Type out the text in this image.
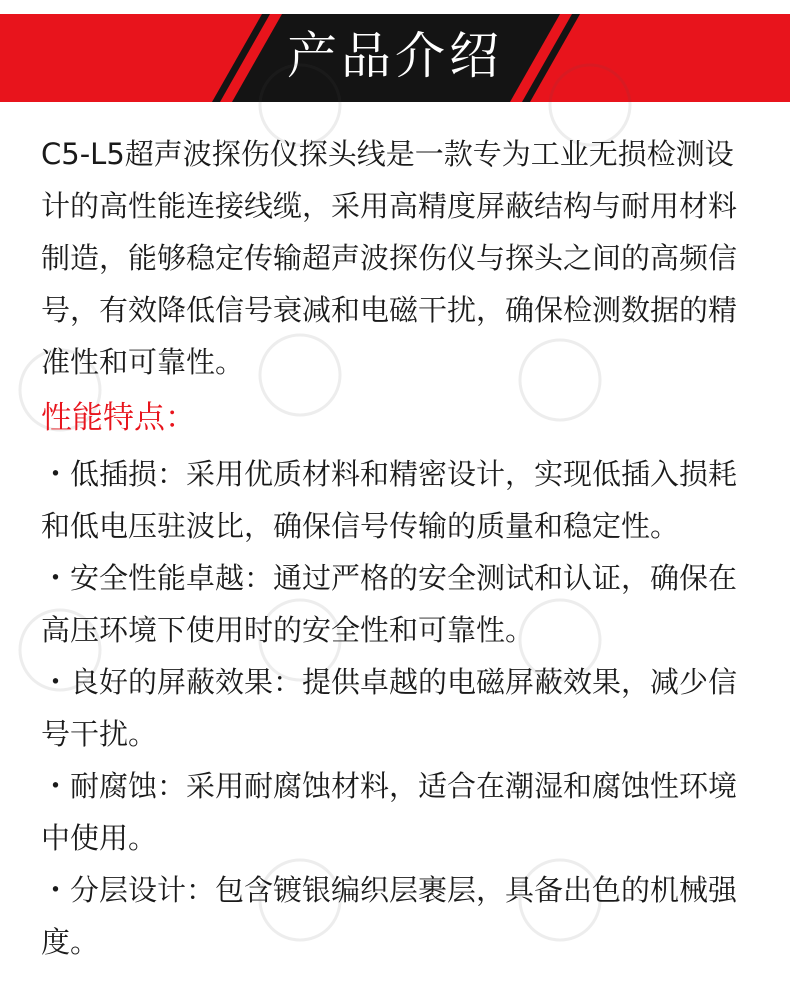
产品介绍

C5-L5超声波探伤仪探头线是一款专为工业无损检测设计的高性能连接线缆，采用高精度屏蔽结构与耐用材料制造，能够稳定传输超声波探伤仪与探头之间的高频信号，有效降低信号衰减和电磁干扰，确保检测数据的精准性和可靠性。

性能特点：

・低插损：采用优质材料和精密设计，实现低插入损耗和低电压驻波比，确保信号传输的质量和稳定性。

・安全性能卓越：通过严格的安全测试和认证，确保在高压环境下使用时的安全性和可靠性。

・良好的屏蔽效果：提供卓越的电磁屏蔽效果，减少信号干扰。

・耐腐蚀：采用耐腐蚀材料，适合在潮湿和腐蚀性环境中使用。

・分层设计：包含镀银编织层裹层，具备出色的机械强度。
